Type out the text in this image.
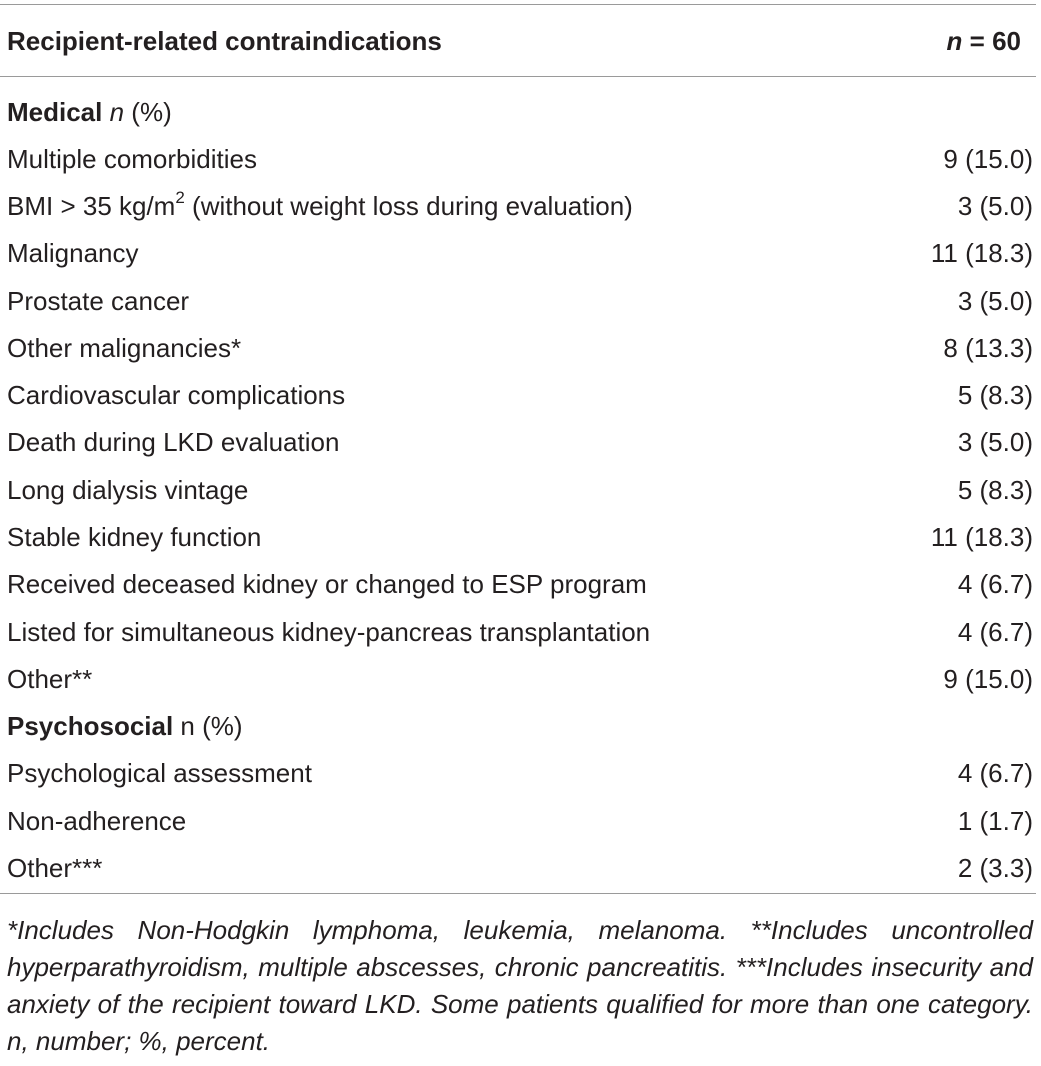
Recipient-related contraindications	n = 60
Medical n (%)
Multiple comorbidities	9 (15.0)
BMI > 35 $kg/m^2$ (without weight loss during evaluation)	3 (5.0)
Malignancy	11 (18.3)
Prostate cancer	3 (5.0)
Other malignancies*	8 (13.3)
Cardiovascular complications	5 (8.3)
Death during LKD evaluation	3 (5.0)
Long dialysis vintage	5 (8.3)
Stable kidney function	11 (18.3)
Received deceased kidney or changed to ESP program	4 (6.7)
Listed for simultaneous kidney-pancreas transplantation	4 (6.7)
Other**	9 (15.0)
Psychosocial n (%)
Psychological assessment	4 (6.7)
Non-adherence	1 (1.7)
Other***	2 (3.3)
*Includes Non-Hodgkin lymphoma, leukemia, melanoma. **Includes uncontrolled hyperparathyroidism, multiple abscesses, chronic pancreatitis. ***Includes insecurity and anxiety of the recipient toward LKD. Some patients qualified for more than one category. n, number; %, percent.
